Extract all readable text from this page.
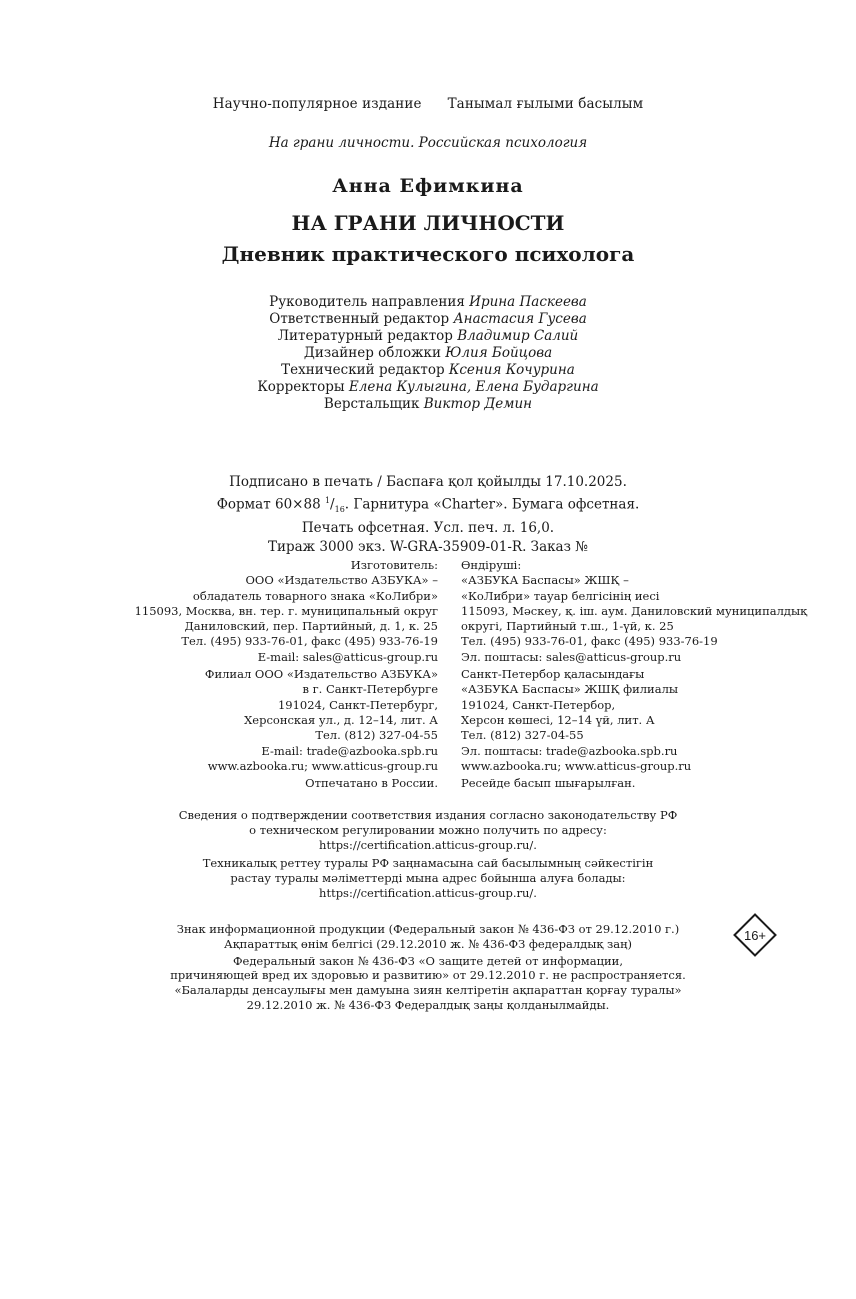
Научно-популярное издание Танымал ғылыми басылым
На грани личности. Российская психология
Анна Ефимкина
НА ГРАНИ ЛИЧНОСТИ
Дневник практического психолога
Руководитель направления Ирина Паскеева
Ответственный редактор Анастасия Гусева
Литературный редактор Владимир Салий
Дизайнер обложки Юлия Бойцова
Технический редактор Ксения Кочурина
Корректоры Елена Кулыгина, Елена Бударгина
Верстальщик Виктор Демин
Подписано в печать / Баспаға қол қойылды 17.10.2025.
Формат 60×88 $^1/_{16}$. Гарнитура «Charter». Бумага офсетная.
Печать офсетная. Усл. печ. л. 16,0.
Тираж 3000 экз. W-GRA-35909-01-R. Заказ №
Изготовитель:
ООО «Издательство АЗБУКА» –
обладатель товарного знака «КоЛибри»
115093, Москва, вн. тер. г. муниципальный округ
Даниловский, пер. Партийный, д. 1, к. 25
Тел. (495) 933-76-01, факс (495) 933-76-19
E-mail: sales@atticus-group.ru
Филиал ООО «Издательство АЗБУКА»
в г. Санкт-Петербурге
191024, Санкт-Петербург,
Херсонская ул., д. 12–14, лит. А
Тел. (812) 327-04-55
E-mail: trade@azbooka.spb.ru
www.azbooka.ru; www.atticus-group.ru
Отпечатано в России.
Өндіруші:
«АЗБУКА Баспасы» ЖШҚ –
«КоЛибри» тауар белгісінің иесі
115093, Мәскеу, қ. іш. аум. Даниловский муниципалдық
округі, Партийный т.ш., 1-үй, к. 25
Тел. (495) 933-76-01, факс (495) 933-76-19
Эл. поштасы: sales@atticus-group.ru
Санкт-Петербор қаласындағы
«АЗБУКА Баспасы» ЖШҚ филиалы
191024, Санкт-Петербор,
Херсон көшесі, 12–14 үй, лит. А
Тел. (812) 327-04-55
Эл. поштасы: trade@azbooka.spb.ru
www.azbooka.ru; www.atticus-group.ru
Ресейде басып шығарылған.
Сведения о подтверждении соответствия издания согласно законодательству РФ
о техническом регулировании можно получить по адресу:
https://certification.atticus-group.ru/.
Техникалық реттеу туралы РФ заңнамасына сай басылымның сәйкестігін
растау туралы мәліметтерді мына адрес бойынша алуға болады:
https://certification.atticus-group.ru/.
Знак информационной продукции (Федеральный закон № 436-ФЗ от 29.12.2010 г.)
Ақпараттық өнім белгісі (29.12.2010 ж. № 436-ФЗ федералдық заң)
Федеральный закон № 436-ФЗ «О защите детей от информации,
причиняющей вред их здоровью и развитию» от 29.12.2010 г. не распространяется.
«Балаларды денсаулығы мен дамуына зиян келтіретін ақпараттан қорғау туралы»
29.12.2010 ж. № 436-ФЗ Федералдық заңы қолданылмайды.
16+
